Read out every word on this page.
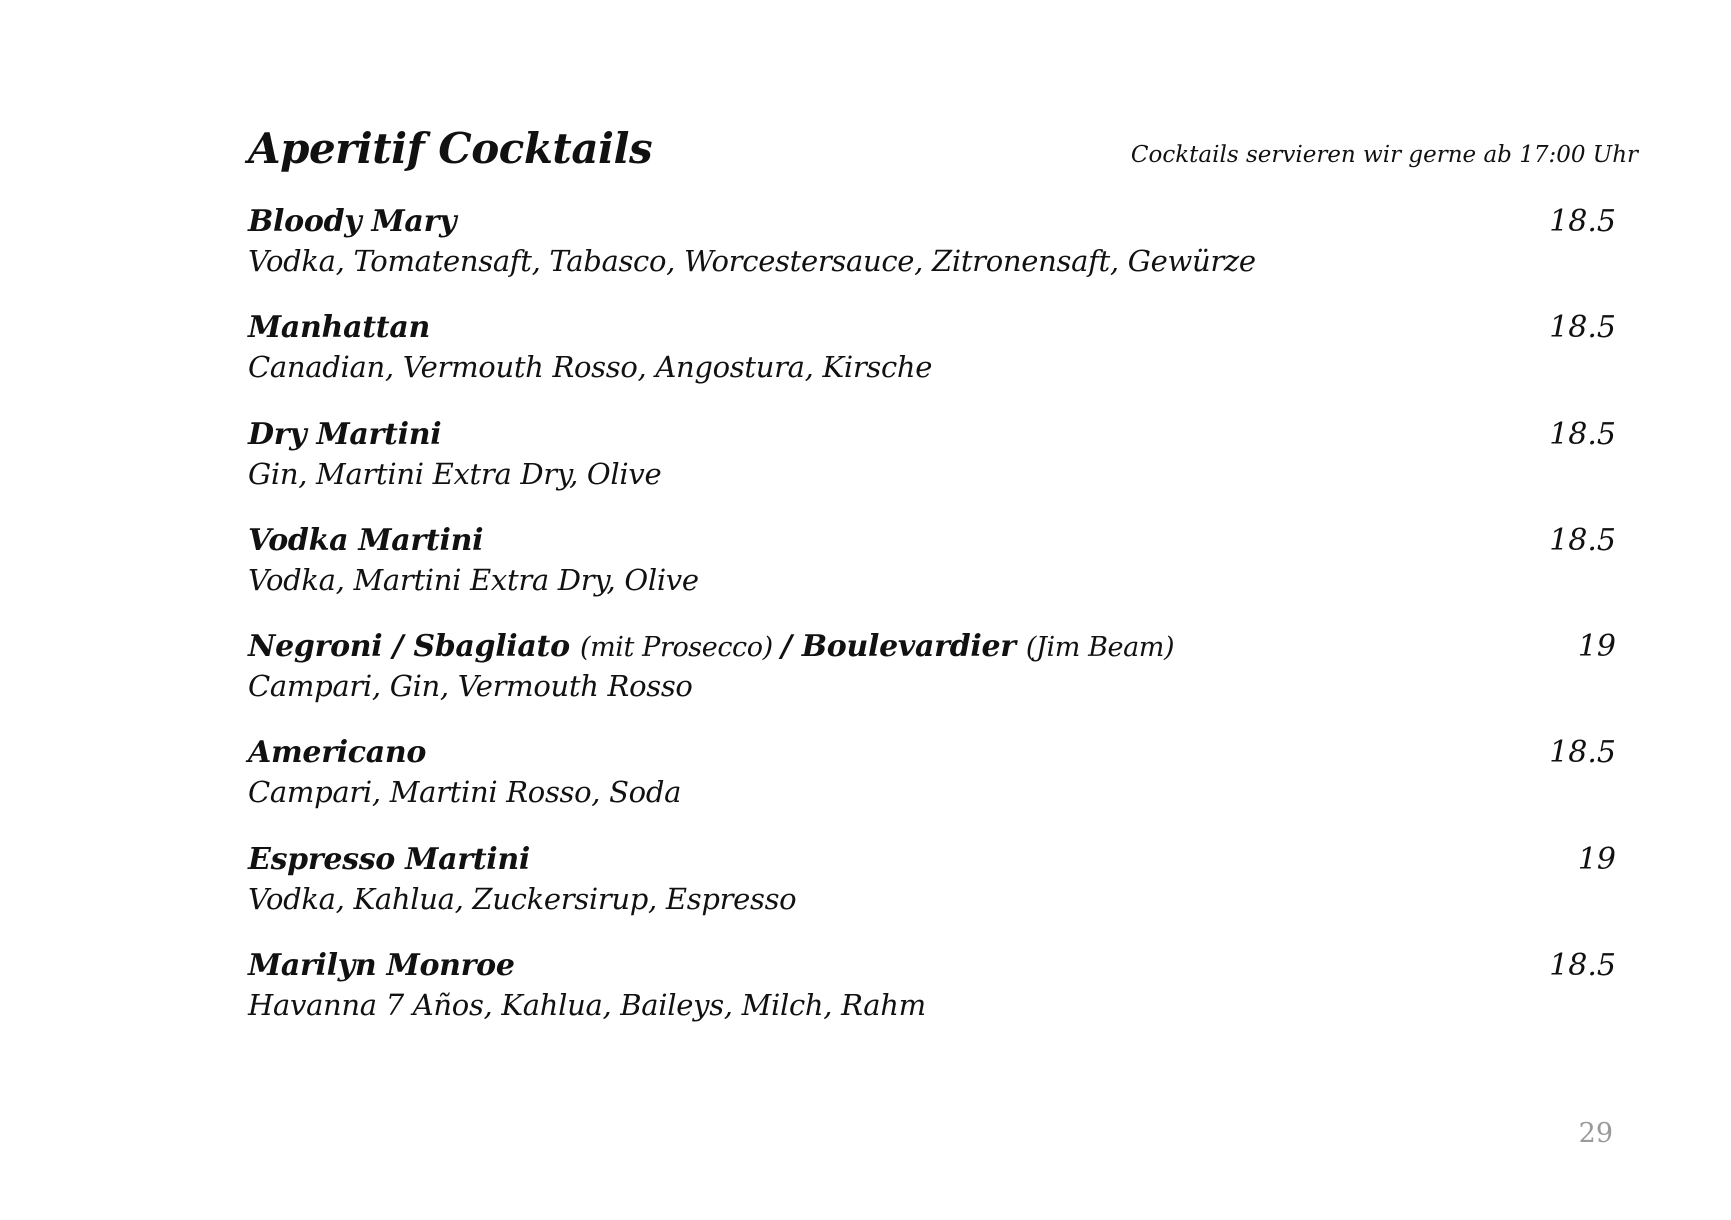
Aperitif Cocktails	Cocktails servieren wir gerne ab 17:00 Uhr
Bloody Mary	18.5
Vodka, Tomatensaft, Tabasco, Worcestersauce, Zitronensaft, Gewürze
Manhattan	18.5
Canadian, Vermouth Rosso, Angostura, Kirsche
Dry Martini	18.5
Gin, Martini Extra Dry, Olive
Vodka Martini	18.5
Vodka, Martini Extra Dry, Olive
Negroni / Sbagliato (mit Prosecco) / Boulevardier (Jim Beam)	19
Campari, Gin, Vermouth Rosso
Americano	18.5
Campari, Martini Rosso, Soda
Espresso Martini	19
Vodka, Kahlua, Zuckersirup, Espresso
Marilyn Monroe	18.5
Havanna 7 Años, Kahlua, Baileys, Milch, Rahm
29
